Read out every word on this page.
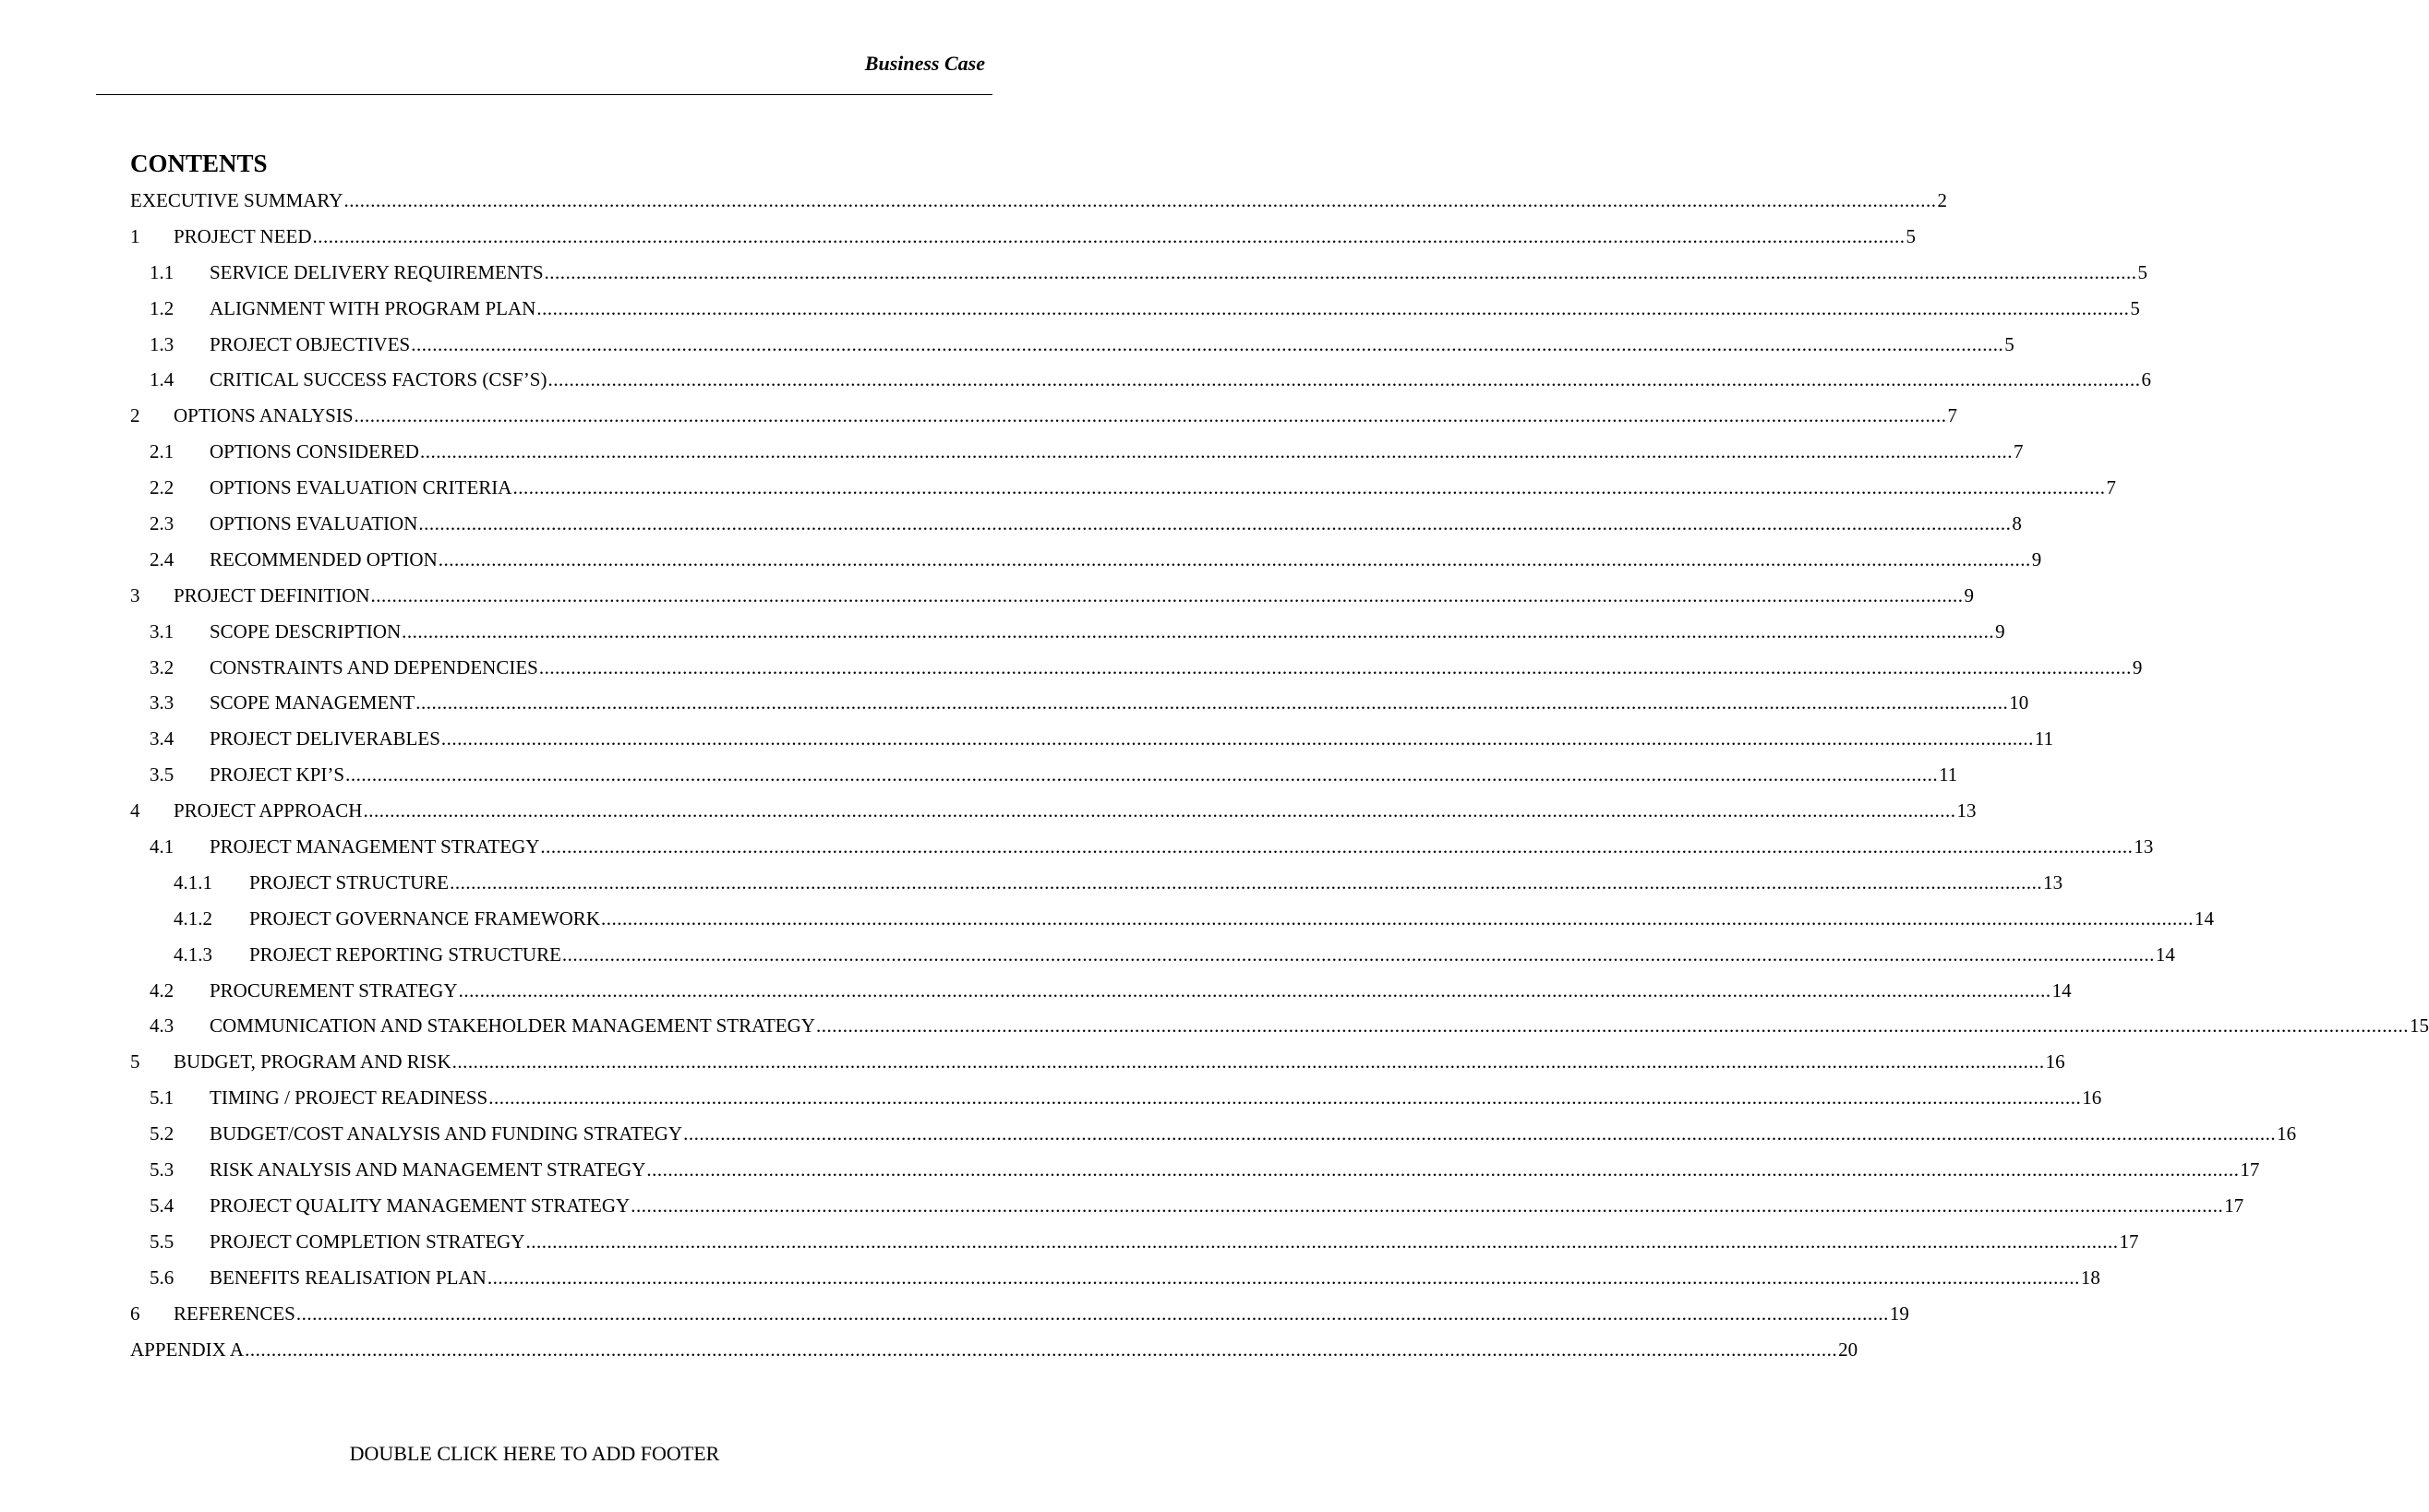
Business Case
CONTENTS
EXECUTIVE SUMMARY ............................................................................................................................................................................................................................................................................................................ 2
1	PROJECT NEED ............................................................................................................................................................................................................................................................................................................ 5
1.1	SERVICE DELIVERY REQUIREMENTS ............................................................................................................................................................................................................................................................................................................ 5
1.2	ALIGNMENT WITH PROGRAM PLAN ............................................................................................................................................................................................................................................................................................................ 5
1.3	PROJECT OBJECTIVES ............................................................................................................................................................................................................................................................................................................ 5
1.4	CRITICAL SUCCESS FACTORS (CSF’S) ............................................................................................................................................................................................................................................................................................................ 6
2	OPTIONS ANALYSIS ............................................................................................................................................................................................................................................................................................................ 7
2.1	OPTIONS CONSIDERED ............................................................................................................................................................................................................................................................................................................ 7
2.2	OPTIONS EVALUATION CRITERIA ............................................................................................................................................................................................................................................................................................................ 7
2.3	OPTIONS EVALUATION ............................................................................................................................................................................................................................................................................................................ 8
2.4	RECOMMENDED OPTION ............................................................................................................................................................................................................................................................................................................ 9
3	PROJECT DEFINITION ............................................................................................................................................................................................................................................................................................................ 9
3.1	SCOPE DESCRIPTION ............................................................................................................................................................................................................................................................................................................ 9
3.2	CONSTRAINTS AND DEPENDENCIES ............................................................................................................................................................................................................................................................................................................ 9
3.3	SCOPE MANAGEMENT ............................................................................................................................................................................................................................................................................................................ 10
3.4	PROJECT DELIVERABLES ............................................................................................................................................................................................................................................................................................................ 11
3.5	PROJECT KPI’S ............................................................................................................................................................................................................................................................................................................ 11
4	PROJECT APPROACH ............................................................................................................................................................................................................................................................................................................ 13
4.1	PROJECT MANAGEMENT STRATEGY ............................................................................................................................................................................................................................................................................................................ 13
4.1.1	PROJECT STRUCTURE ............................................................................................................................................................................................................................................................................................................ 13
4.1.2	PROJECT GOVERNANCE FRAMEWORK ............................................................................................................................................................................................................................................................................................................ 14
4.1.3	PROJECT REPORTING STRUCTURE ............................................................................................................................................................................................................................................................................................................ 14
4.2	PROCUREMENT STRATEGY ............................................................................................................................................................................................................................................................................................................ 14
4.3	COMMUNICATION AND STAKEHOLDER MANAGEMENT STRATEGY ............................................................................................................................................................................................................................................................................................................ 15
5	BUDGET, PROGRAM AND RISK ............................................................................................................................................................................................................................................................................................................ 16
5.1	TIMING / PROJECT READINESS ............................................................................................................................................................................................................................................................................................................ 16
5.2	BUDGET/COST ANALYSIS AND FUNDING STRATEGY ............................................................................................................................................................................................................................................................................................................ 16
5.3	RISK ANALYSIS AND MANAGEMENT STRATEGY ............................................................................................................................................................................................................................................................................................................ 17
5.4	PROJECT QUALITY MANAGEMENT STRATEGY ............................................................................................................................................................................................................................................................................................................ 17
5.5	PROJECT COMPLETION STRATEGY ............................................................................................................................................................................................................................................................................................................ 17
5.6	BENEFITS REALISATION PLAN ............................................................................................................................................................................................................................................................................................................ 18
6	REFERENCES ............................................................................................................................................................................................................................................................................................................ 19
APPENDIX A ............................................................................................................................................................................................................................................................................................................ 20
DOUBLE CLICK HERE TO ADD FOOTER
